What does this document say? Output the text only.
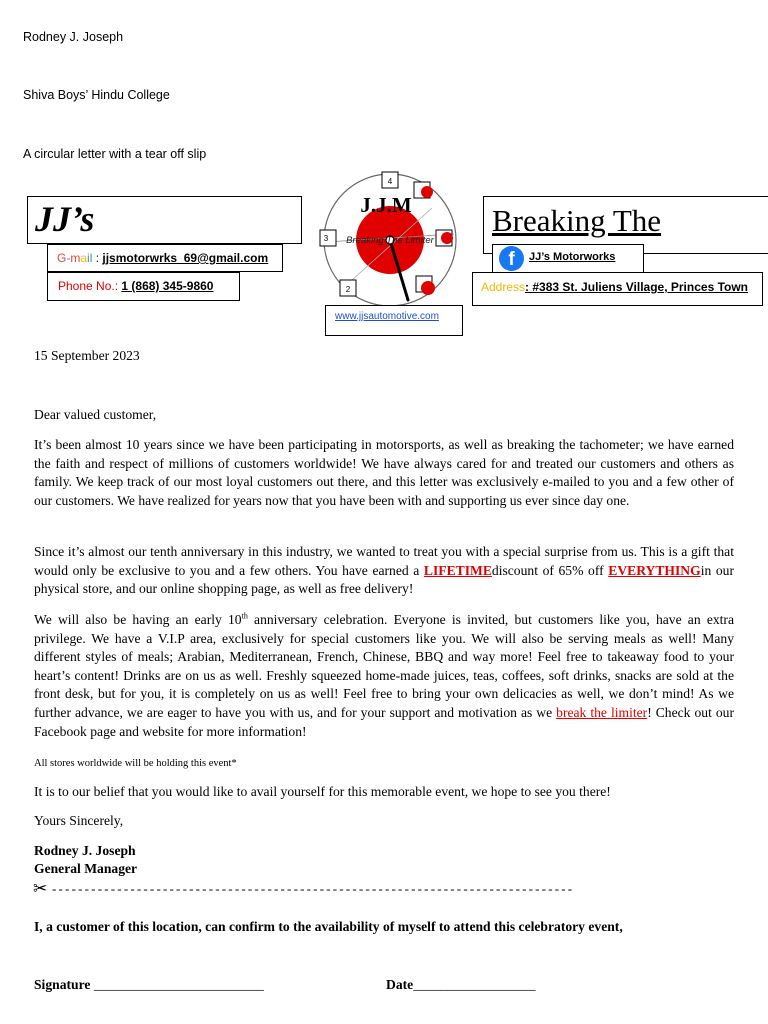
Rodney J. Joseph
Shiva Boys’ Hindu College
A circular letter with a tear off slip
JJ’s
G-mail : jjsmotorwrks_69@gmail.com
Phone No.: 1 (868) 345-9860
4
3
2
J.J.M
Breaking The Limiter
www.jjsautomotive.com
Breaking The
f	JJ’s Motorworks
Address: #383 St. Juliens Village, Princes Town
15 September 2023
Dear valued customer,

It’s been almost 10 years since we have been participating in motorsports, as well as breaking the tachometer; we have earned the faith and respect of millions of customers worldwide! We have always cared for and treated our customers and others as family. We keep track of our most loyal customers out there, and this letter was exclusively e-mailed to you and a few other of our customers. We have realized for years now that you have been with and supporting us ever since day one.

Since it’s almost our tenth anniversary in this industry, we wanted to treat you with a special surprise from us. This is a gift that would only be exclusive to you and a few others. You have earned a LIFETIMEdiscount of 65% off EVERYTHINGin our physical store, and our online shopping page, as well as free delivery!

We will also be having an early 10th anniversary celebration. Everyone is invited, but customers like you, have an extra privilege. We have a V.I.P area, exclusively for special customers like you. We will also be serving meals as well! Many different styles of meals; Arabian, Mediterranean, French, Chinese, BBQ and way more! Feel free to takeaway food to your heart’s content! Drinks are on us as well. Freshly squeezed home-made juices, teas, coffees, soft drinks, snacks are sold at the front desk, but for you, it is completely on us as well! Feel free to bring your own delicacies as well, we don’t mind! As we further advance, we are eager to have you with us, and for your support and motivation as we break the limiter! Check out our Facebook page and website for more information!

All stores worldwide will be holding this event*
It is to our belief that you would like to avail yourself for this memorable event, we hope to see you there!
Yours Sincerely,
Rodney J. Joseph
General Manager
✂ --------------------------------------------------------------------------------
I, a customer of this location, can confirm to the availability of myself to attend this celebratory event,
Signature _________________________	Date__________________
